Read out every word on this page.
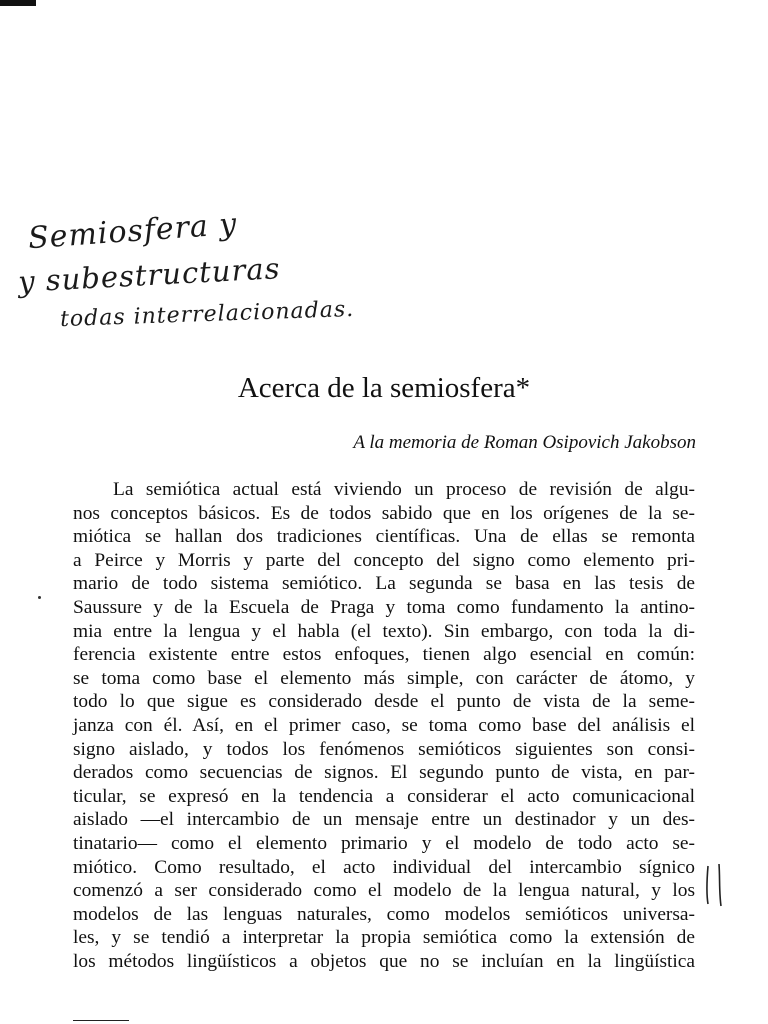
Semiosfera y
y subestructuras
todas interrelacionadas.
Acerca de la semiosfera*

A la memoria de Roman Osipovich Jakobson

La semiótica actual está viviendo un proceso de revisión de algu-
nos conceptos básicos. Es de todos sabido que en los orígenes de la se-
miótica se hallan dos tradiciones científicas. Una de ellas se remonta
a Peirce y Morris y parte del concepto del signo como elemento pri-
mario de todo sistema semiótico. La segunda se basa en las tesis de
Saussure y de la Escuela de Praga y toma como fundamento la antino-
mia entre la lengua y el habla (el texto). Sin embargo, con toda la di-
ferencia existente entre estos enfoques, tienen algo esencial en común:
se toma como base el elemento más simple, con carácter de átomo, y
todo lo que sigue es considerado desde el punto de vista de la seme-
janza con él. Así, en el primer caso, se toma como base del análisis el
signo aislado, y todos los fenómenos semióticos siguientes son consi-
derados como secuencias de signos. El segundo punto de vista, en par-
ticular, se expresó en la tendencia a considerar el acto comunicacional
aislado —el intercambio de un mensaje entre un destinador y un des-
tinatario— como el elemento primario y el modelo de todo acto se-
miótico. Como resultado, el acto individual del intercambio sígnico
comenzó a ser considerado como el modelo de la lengua natural, y los
modelos de las lenguas naturales, como modelos semióticos universa-
les, y se tendió a interpretar la propia semiótica como la extensión de
los métodos lingüísticos a objetos que no se incluían en la lingüística
